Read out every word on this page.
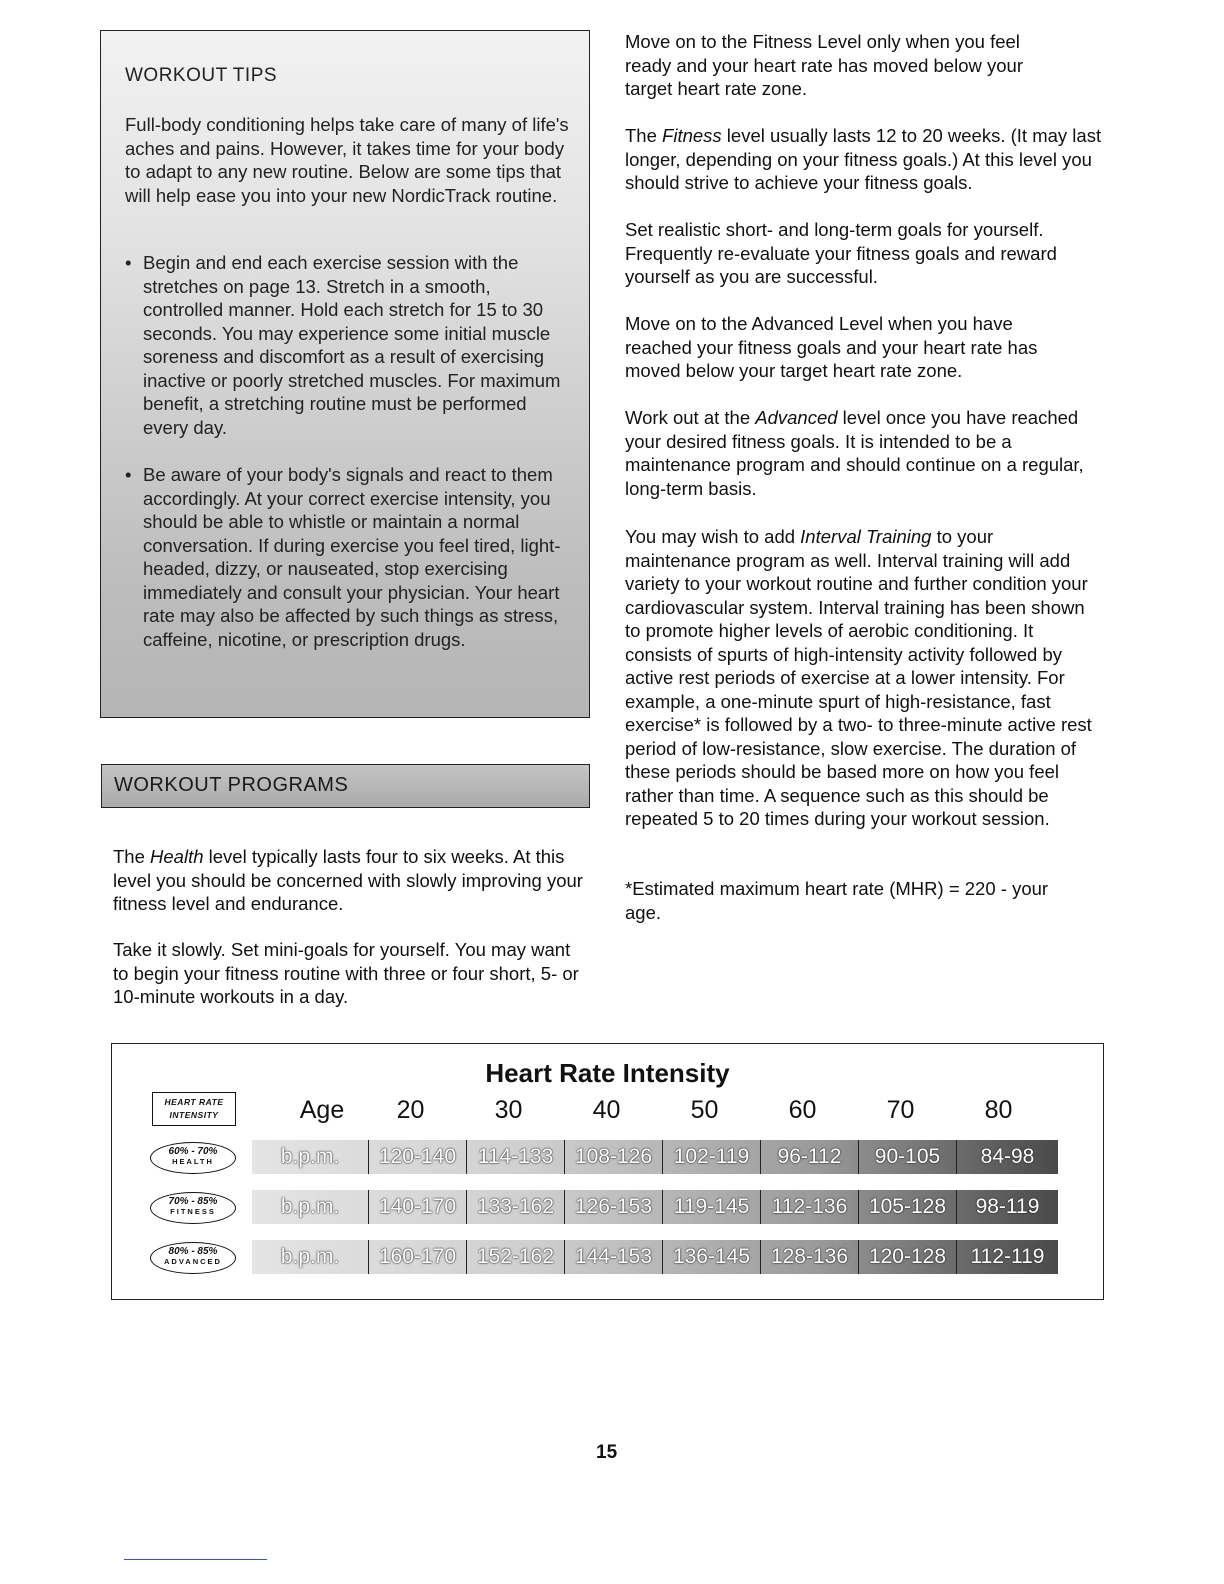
WORKOUT TIPS
Full-body conditioning helps take care of many of life's aches and pains. However, it takes time for your body to adapt to any new routine. Below are some tips that will help ease you into your new NordicTrack routine.
• Begin and end each exercise session with the stretches on page 13. Stretch in a smooth, controlled manner. Hold each stretch for 15 to 30 seconds. You may experience some initial muscle soreness and discomfort as a result of exercising inactive or poorly stretched muscles. For maximum benefit, a stretching routine must be performed every day.
• Be aware of your body's signals and react to them accordingly. At your correct exercise intensity, you should be able to whistle or maintain a normal conversation. If during exercise you feel tired, light-headed, dizzy, or nauseated, stop exercising immediately and consult your physician. Your heart rate may also be affected by such things as stress, caffeine, nicotine, or prescription drugs.
WORKOUT PROGRAMS
The Health level typically lasts four to six weeks. At this level you should be concerned with slowly improving your fitness level and endurance.
Take it slowly. Set mini-goals for yourself. You may want to begin your fitness routine with three or four short, 5- or 10-minute workouts in a day.
Move on to the Fitness Level only when you feel ready and your heart rate has moved below your target heart rate zone.
The Fitness level usually lasts 12 to 20 weeks. (It may last longer, depending on your fitness goals.) At this level you should strive to achieve your fitness goals.
Set realistic short- and long-term goals for yourself. Frequently re-evaluate your fitness goals and reward yourself as you are successful.
Move on to the Advanced Level when you have reached your fitness goals and your heart rate has moved below your target heart rate zone.
Work out at the Advanced level once you have reached your desired fitness goals. It is intended to be a maintenance program and should continue on a regular, long-term basis.
You may wish to add Interval Training to your maintenance program as well. Interval training will add variety to your workout routine and further condition your cardiovascular system. Interval training has been shown to promote higher levels of aerobic conditioning. It consists of spurts of high-intensity activity followed by active rest periods of exercise at a lower intensity. For example, a one-minute spurt of high-resistance, fast exercise* is followed by a two- to three-minute active rest period of low-resistance, slow exercise. The duration of these periods should be based more on how you feel rather than time. A sequence such as this should be repeated 5 to 20 times during your workout session.
*Estimated maximum heart rate (MHR) = 220 - your age.
Heart Rate Intensity
HEART RATE
INTENSITY	Age	20	30	40	50	60	70	80
60% - 70%
HEALTH	b.p.m.	120-140	114-133	108-126	102-119	96-112	90-105	84-98
70% - 85%
FITNESS	b.p.m.	140-170 133-162 126-153	119-145	112-136	105-128	98-119
80% - 85%
ADVANCED	b.p.m.	160-170 152-162 144-153 136-145 128-136 120-128	112-119
15
